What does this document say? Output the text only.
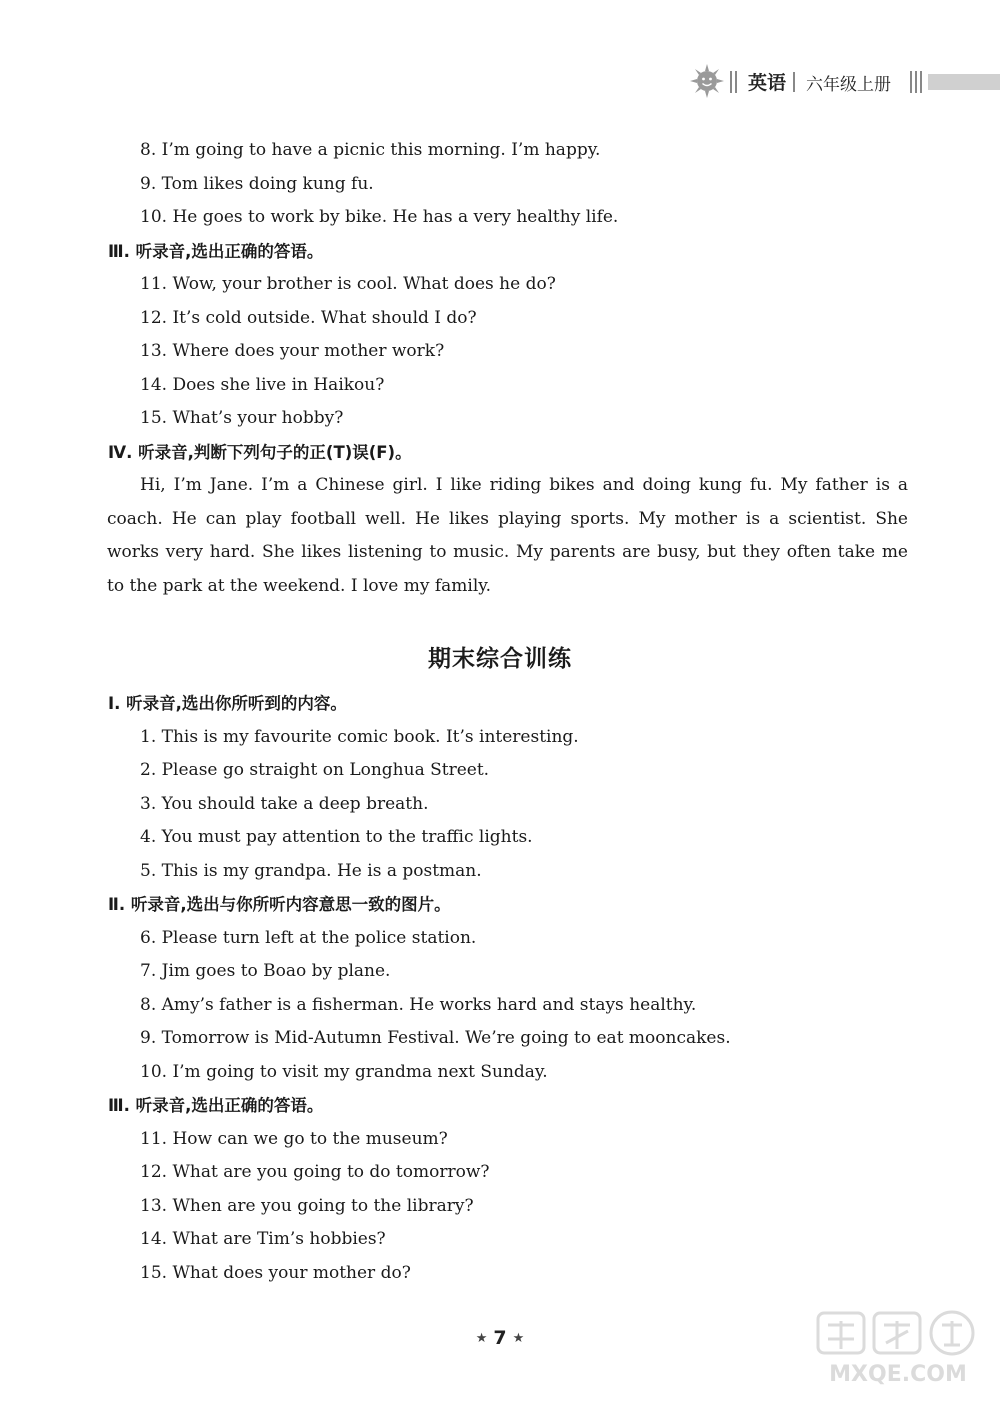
英语 六年级上册
8. I’m going to have a picnic this morning. I’m happy.
9. Tom likes doing kung fu.
10. He goes to work by bike. He has a very healthy life.
Ⅲ. 听录音,选出正确的答语。
11. Wow, your brother is cool. What does he do?
12. It’s cold outside. What should I do?
13. Where does your mother work?
14. Does she live in Haikou?
15. What’s your hobby?
Ⅳ. 听录音,判断下列句子的正(T)误(F)。
Hi, I’m Jane. I’m a Chinese girl. I like riding bikes and doing kung fu. My father is a coach. He can play football well. He likes playing sports. My mother is a scientist. She works very hard. She likes listening to music. My parents are busy, but they often take me to the park at the weekend. I love my family.
期末综合训练
Ⅰ. 听录音,选出你所听到的内容。
1. This is my favourite comic book. It’s interesting.
2. Please go straight on Longhua Street.
3. You should take a deep breath.
4. You must pay attention to the traffic lights.
5. This is my grandpa. He is a postman.
Ⅱ. 听录音,选出与你所听内容意思一致的图片。
6. Please turn left at the police station.
7. Jim goes to Boao by plane.
8. Amy’s father is a fisherman. He works hard and stays healthy.
9. Tomorrow is Mid-Autumn Festival. We’re going to eat mooncakes.
10. I’m going to visit my grandma next Sunday.
Ⅲ. 听录音,选出正确的答语。
11. How can we go to the museum?
12. What are you going to do tomorrow?
13. When are you going to the library?
14. What are Tim’s hobbies?
15. What does your mother do?
★ 7 ★
MXQE.COM
